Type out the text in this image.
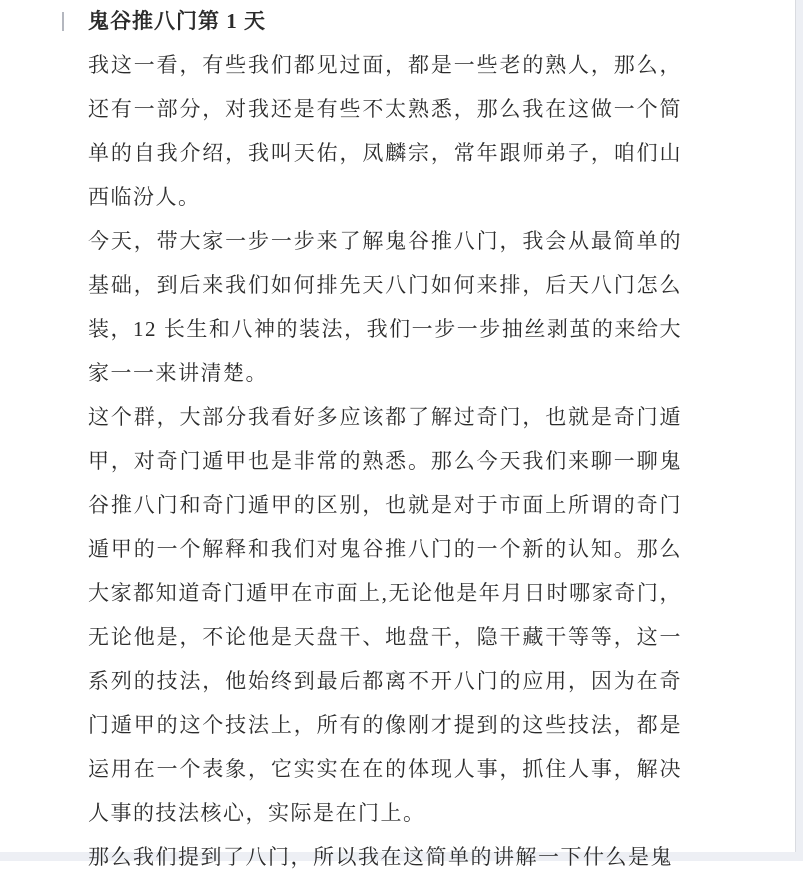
鬼谷推八门第 1 天

我这一看，有些我们都见过面，都是一些老的熟人，那么，还有一部分，对我还是有些不太熟悉，那么我在这做一个简单的自我介绍，我叫天佑，凤麟宗，常年跟师弟子，咱们山西临汾人。

今天，带大家一步一步来了解鬼谷推八门，我会从最简单的基础，到后来我们如何排先天八门如何来排，后天八门怎么装，12 长生和八神的装法，我们一步一步抽丝剥茧的来给大家一一来讲清楚。

这个群，大部分我看好多应该都了解过奇门，也就是奇门遁甲，对奇门遁甲也是非常的熟悉。那么今天我们来聊一聊鬼谷推八门和奇门遁甲的区别，也就是对于市面上所谓的奇门遁甲的一个解释和我们对鬼谷推八门的一个新的认知。那么大家都知道奇门遁甲在市面上,无论他是年月日时哪家奇门，无论他是，不论他是天盘干、地盘干，隐干藏干等等，这一系列的技法，他始终到最后都离不开八门的应用，因为在奇门遁甲的这个技法上，所有的像刚才提到的这些技法，都是运用在一个表象，它实实在在的体现人事，抓住人事，解决人事的技法核心，实际是在门上。

那么我们提到了八门，所以我在这简单的讲解一下什么是鬼
